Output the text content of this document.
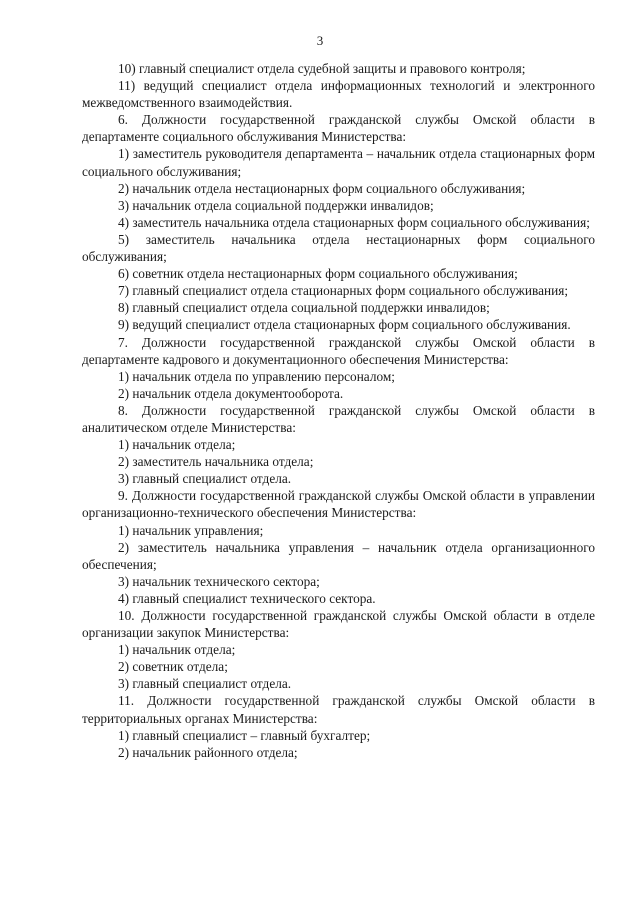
3

10) главный специалист отдела судебной защиты и правового контроля;

11) ведущий специалист отдела информационных технологий и электронного межведомственного взаимодействия.

6. Должности государственной гражданской службы Омской области в департаменте социального обслуживания Министерства:

1) заместитель руководителя департамента – начальник отдела стационарных форм социального обслуживания;

2) начальник отдела нестационарных форм социального обслуживания;

3) начальник отдела социальной поддержки инвалидов;

4) заместитель начальника отдела стационарных форм социального обслуживания;

5) заместитель начальника отдела нестационарных форм социального обслуживания;

6) советник отдела нестационарных форм социального обслуживания;

7) главный специалист отдела стационарных форм социального обслуживания;

8) главный специалист отдела социальной поддержки инвалидов;

9) ведущий специалист отдела стационарных форм социального обслуживания.

7. Должности государственной гражданской службы Омской области в департаменте кадрового и документационного обеспечения Министерства:

1) начальник отдела по управлению персоналом;

2) начальник отдела документооборота.

8. Должности государственной гражданской службы Омской области в аналитическом отделе Министерства:

1) начальник отдела;

2) заместитель начальника отдела;

3) главный специалист отдела.

9. Должности государственной гражданской службы Омской области в управлении организационно-технического обеспечения Министерства:

1) начальник управления;

2) заместитель начальника управления – начальник отдела организационного обеспечения;

3) начальник технического сектора;

4) главный специалист технического сектора.

10. Должности государственной гражданской службы Омской области в отделе организации закупок Министерства:

1) начальник отдела;

2) советник отдела;

3) главный специалист отдела.

11. Должности государственной гражданской службы Омской области в территориальных органах Министерства:

1) главный специалист – главный бухгалтер;

2) начальник районного отдела;
